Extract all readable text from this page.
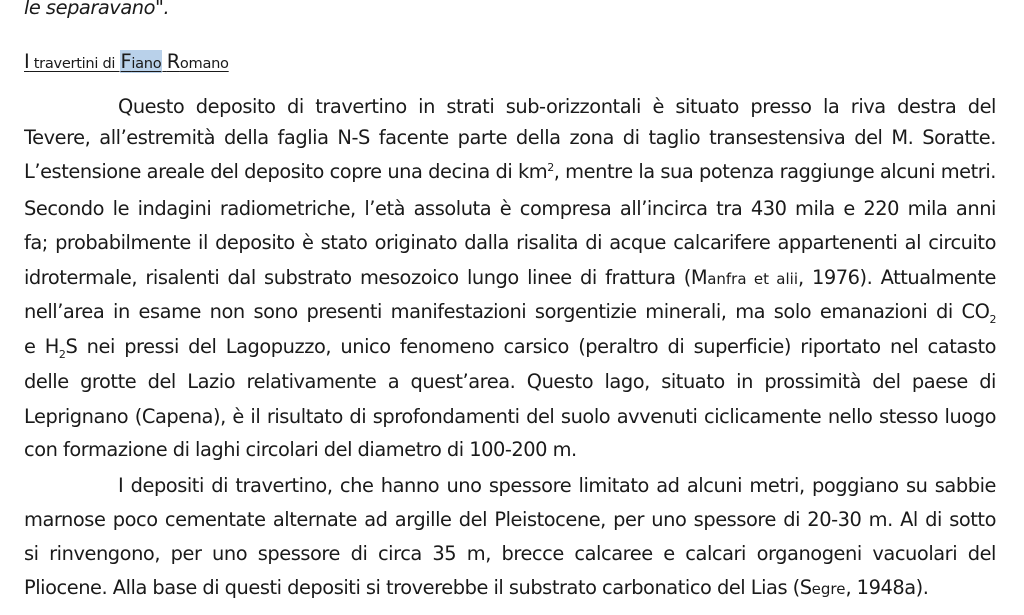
le separavano".
I travertini di Fiano Romano
Questo deposito di travertino in strati sub-orizzontali è situato presso la riva destra del
Tevere, all’estremità della faglia N-S facente parte della zona di taglio transestensiva del M. Soratte.
L’estensione areale del deposito copre una decina di $km^2$, mentre la sua potenza raggiunge alcuni metri.
Secondo le indagini radiometriche, l’età assoluta è compresa all’incirca tra 430 mila e 220 mila anni
fa; probabilmente il deposito è stato originato dalla risalita di acque calcarifere appartenenti al circuito
idrotermale, risalenti dal substrato mesozoico lungo linee di frattura (Manfra et alii, 1976). Attualmente
nell’area in esame non sono presenti manifestazioni sorgentizie minerali, ma solo emanazioni di $CO_2$
e $H_2S$ nei pressi del Lagopuzzo, unico fenomeno carsico (peraltro di superficie) riportato nel catasto
delle grotte del Lazio relativamente a quest’area. Questo lago, situato in prossimità del paese di
Leprignano (Capena), è il risultato di sprofondamenti del suolo avvenuti ciclicamente nello stesso luogo
con formazione di laghi circolari del diametro di 100-200 m.
I depositi di travertino, che hanno uno spessore limitato ad alcuni metri, poggiano su sabbie
marnose poco cementate alternate ad argille del Pleistocene, per uno spessore di 20-30 m. Al di sotto
si rinvengono, per uno spessore di circa 35 m, brecce calcaree e calcari organogeni vacuolari del
Pliocene. Alla base di questi depositi si troverebbe il substrato carbonatico del Lias (Segre, 1948a).
